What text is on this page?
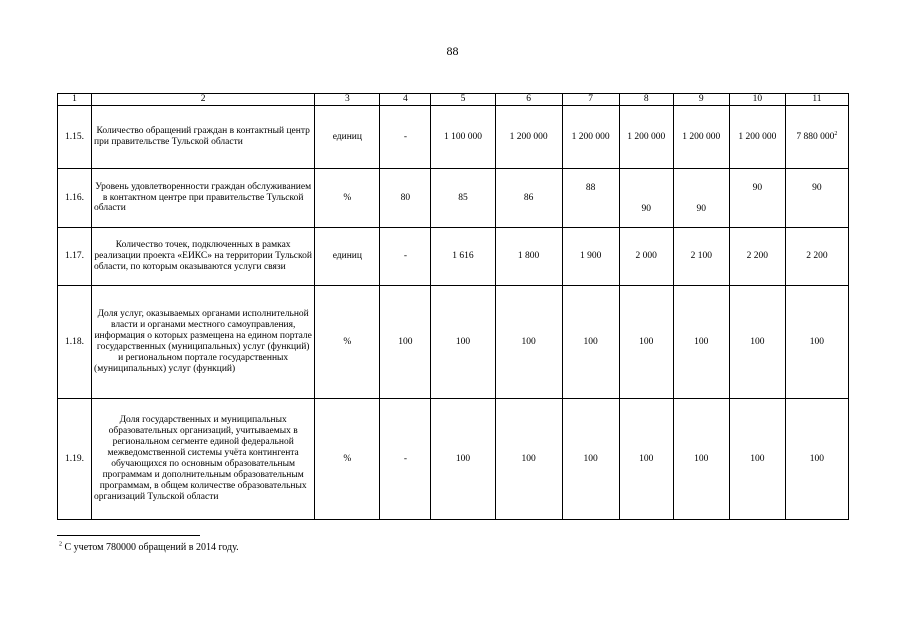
88
1	2	3	4	5	6	7	8	9	10	11
1.15.	Количество обращений граждан в контактный центр при правительстве Тульской области	единиц	-	1 100 000	1 200 000	1 200 000	1 200 000	1 200 000	1 200 000	7 880 $000^2$
1.16.	Уровень удовлетворенности граждан обслуживанием в контактном центре при правительстве Тульской области	%	80	85	86	88	90	90	90	90
1.17.	Количество точек, подключенных в рамках реализации проекта «ЕИКС» на территории Тульской области, по которым оказываются услуги связи	единиц	-	1 616	1 800	1 900	2 000	2 100	2 200	2 200
1.18.	Доля услуг, оказываемых органами исполнительной власти и органами местного самоуправления, информация о которых размещена на едином портале государственных (муниципальных) услуг (функций) и региональном портале государственных (муниципальных) услуг (функций)	%	100	100	100	100	100	100	100	100
1.19.	Доля государственных и муниципальных образовательных организаций, учитываемых в региональном сегменте единой федеральной межведомственной системы учёта контингента обучающихся по основным образовательным программам и дополнительным образовательным программам, в общем количестве образовательных организаций Тульской области	%	-	100	100	100	100	100	100	100
$^2$ С учетом 780000 обращений в 2014 году.
